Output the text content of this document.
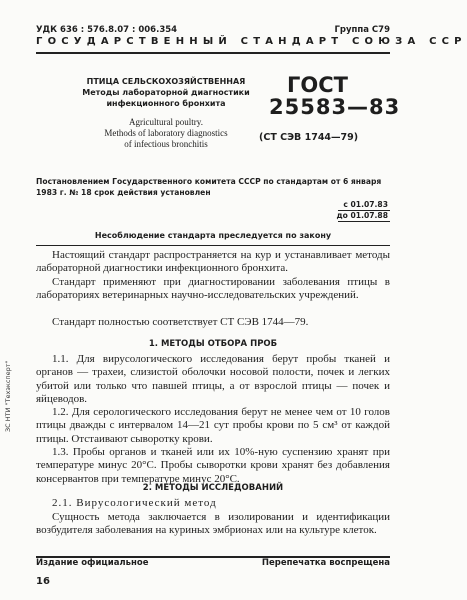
УДК 636 : 576.8.07 : 006.354	Группа С79
ГОСУДАРСТВЕННЫЙ СТАНДАРТ СОЮЗА ССР
ПТИЦА СЕЛЬСКОХОЗЯЙСТВЕННАЯ
Методы лабораторной диагностики
инфекционного бронхита
Agricultural poultry.
Methods of laboratory diagnostics
of infectious bronchitis
ГОСТ
25583—83
(СТ СЭВ 1744—79)
Постановлением Государственного комитета СССР по стандартам от 6 января 1983 г. № 18 срок действия установлен
с 01.07.83
до 01.07.88
Несоблюдение стандарта преследуется по закону

Настоящий стандарт распространяется на кур и устанавливает методы лабораторной диагностики инфекционного бронхита.

Стандарт применяют при диагностировании заболевания птицы в лабораториях ветеринарных научно-исследовательских учреждений.

Стандарт полностью соответствует СТ СЭВ 1744—79.

1. МЕТОДЫ ОТБОРА ПРОБ

1.1. Для вирусологического исследования берут пробы тканей и органов — трахеи, слизистой оболочки носовой полости, почек и легких убитой или только что павшей птицы, а от взрослой птицы — почек и яйцеводов.

1.2. Для серологического исследования берут не менее чем от 10 голов птицы дважды с интервалом 14—21 сут пробы крови по 5 см³ от каждой птицы. Отстаивают сыворотку крови.

1.3. Пробы органов и тканей или их 10%-ную суспензию хранят при температуре минус 20°С. Пробы сыворотки крови хранят без добавления консервантов при температуре минус 20°С.

2. МЕТОДЫ ИССЛЕДОВАНИЙ

2.1. Вирусологический метод

Сущность метода заключается в изолировании и идентификации возбудителя заболевания на куриных эмбрионах или на культуре клеток.

Издание официальное	Перепечатка воспрещена
16
ЗС НТИ "Техэксперт"
